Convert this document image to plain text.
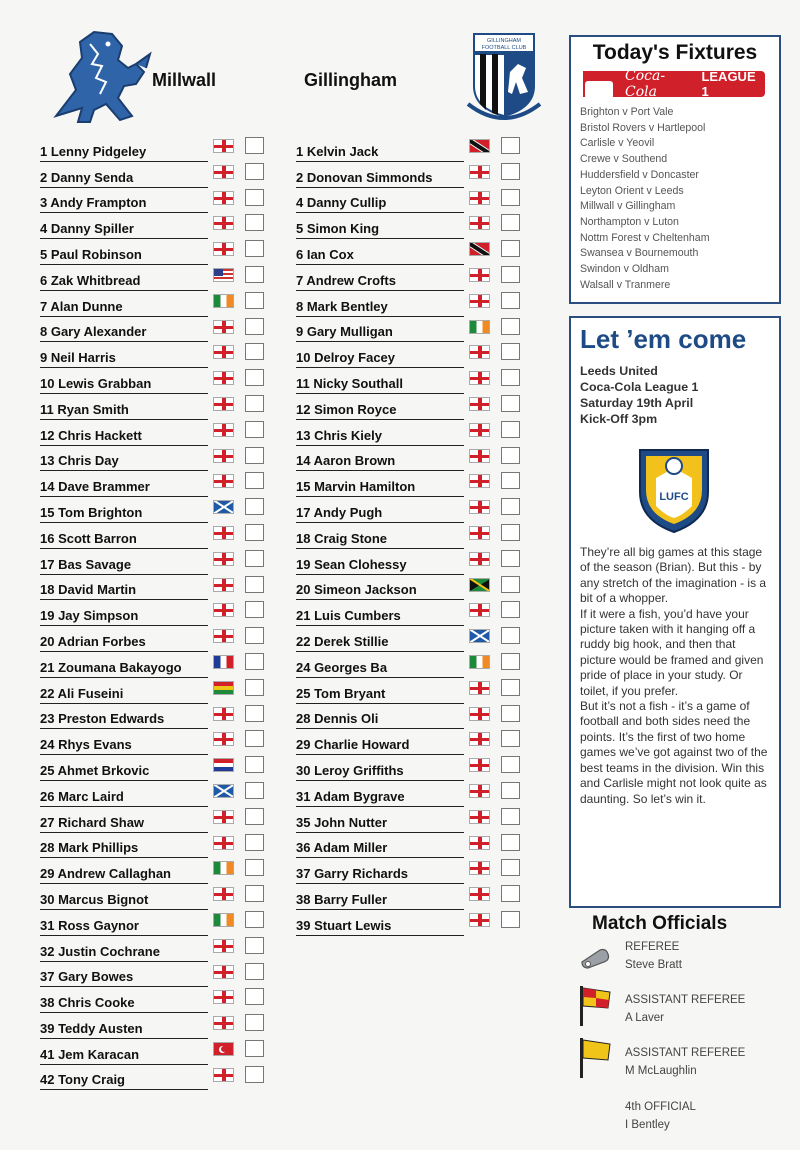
Millwall	Gillingham
GILLINGHAM
FOOTBALL CLUB
1 Lenny Pidgeley
2 Danny Senda
3 Andy Frampton
4 Danny Spiller
5 Paul Robinson
6 Zak Whitbread
7 Alan Dunne
8 Gary Alexander
9 Neil Harris
10 Lewis Grabban
11 Ryan Smith
12 Chris Hackett
13 Chris Day
14 Dave Brammer
15 Tom Brighton
16 Scott Barron
17 Bas Savage
18 David Martin
19 Jay Simpson
20 Adrian Forbes
21 Zoumana Bakayogo
22 Ali Fuseini
23 Preston Edwards
24 Rhys Evans
25 Ahmet Brkovic
26 Marc Laird
27 Richard Shaw
28 Mark Phillips
29 Andrew Callaghan
30 Marcus Bignot
31 Ross Gaynor
32 Justin Cochrane
37 Gary Bowes
38 Chris Cooke
39 Teddy Austen
41 Jem Karacan
42 Tony Craig
1 Kelvin Jack
2 Donovan Simmonds
4 Danny Cullip
5 Simon King
6 Ian Cox
7 Andrew Crofts
8 Mark Bentley
9 Gary Mulligan
10 Delroy Facey
11 Nicky Southall
12 Simon Royce
13 Chris Kiely
14 Aaron Brown
15 Marvin Hamilton
17 Andy Pugh
18 Craig Stone
19 Sean Clohessy
20 Simeon Jackson
21 Luis Cumbers
22 Derek Stillie
24 Georges Ba
25 Tom Bryant
28 Dennis Oli
29 Charlie Howard
30 Leroy Griffiths
31 Adam Bygrave
35 John Nutter
36 Adam Miller
37 Garry Richards
38 Barry Fuller
39 Stuart Lewis
Today's Fixtures
Coca-Cola
LEAGUE 1
Brighton v Port Vale
Bristol Rovers v Hartlepool
Carlisle v Yeovil
Crewe v Southend
Huddersfield v Doncaster
Leyton Orient v Leeds
Millwall v Gillingham
Northampton v Luton
Nottm Forest v Cheltenham
Swansea v Bournemouth
Swindon v Oldham
Walsall v Tranmere
Let ’em come
Leeds United
Coca-Cola League 1
Saturday 19th April
Kick-Off 3pm
LUFC
They’re all big games at this stage of the season (Brian). But this - by any stretch of the imagination - is a bit of a whopper.
If it were a fish, you’d have your picture taken with it hanging off a ruddy big hook, and then that picture would be framed and given pride of place in your study. Or toilet, if you prefer.
But it’s not a fish - it’s a game of football and both sides need the points. It’s the first of two home games we’ve got against two of the best teams in the division. Win this and Carlisle might not look quite as daunting. So let’s win it.
Match Officials
REFEREE
Steve Bratt
ASSISTANT REFEREE
A Laver
ASSISTANT REFEREE
M McLaughlin
4th OFFICIAL
I Bentley
